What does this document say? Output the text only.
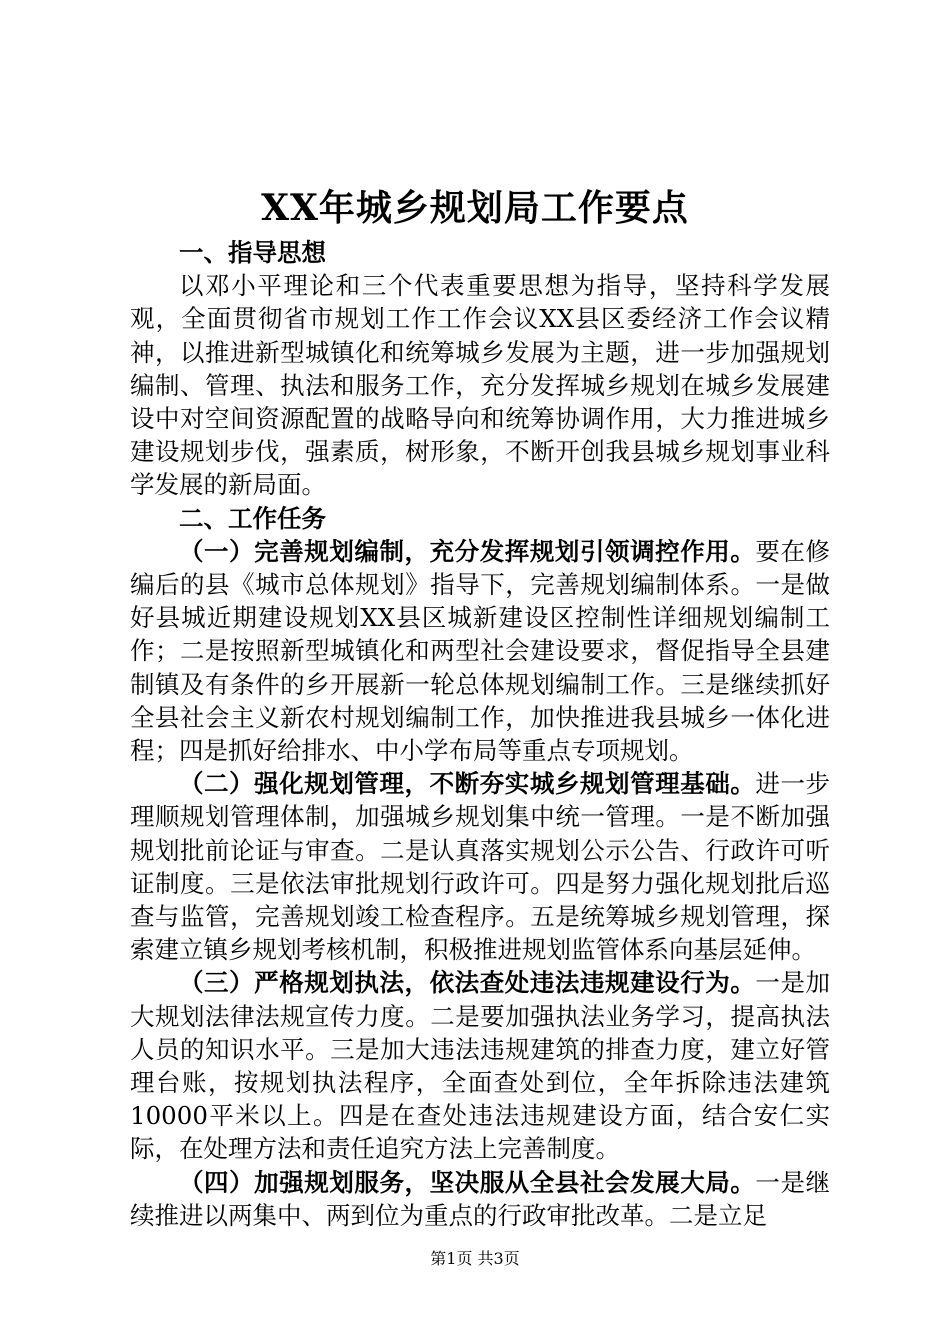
XX年城乡规划局工作要点

一、指导思想

以邓小平理论和三个代表重要思想为指导，坚持科学发展观，全面贯彻省市规划工作工作会议XX县区委经济工作会议精神，以推进新型城镇化和统筹城乡发展为主题，进一步加强规划编制、管理、执法和服务工作，充分发挥城乡规划在城乡发展建设中对空间资源配置的战略导向和统筹协调作用，大力推进城乡建设规划步伐，强素质，树形象，不断开创我县城乡规划事业科学发展的新局面。

二、工作任务

（一）完善规划编制，充分发挥规划引领调控作用。要在修编后的县《城市总体规划》指导下，完善规划编制体系。一是做好县城近期建设规划XX县区城新建设区控制性详细规划编制工作；二是按照新型城镇化和两型社会建设要求，督促指导全县建制镇及有条件的乡开展新一轮总体规划编制工作。三是继续抓好全县社会主义新农村规划编制工作，加快推进我县城乡一体化进程；四是抓好给排水、中小学布局等重点专项规划。

（二）强化规划管理，不断夯实城乡规划管理基础。进一步理顺规划管理体制，加强城乡规划集中统一管理。一是不断加强规划批前论证与审查。二是认真落实规划公示公告、行政许可听证制度。三是依法审批规划行政许可。四是努力强化规划批后巡查与监管，完善规划竣工检查程序。五是统筹城乡规划管理，探索建立镇乡规划考核机制，积极推进规划监管体系向基层延伸。

（三）严格规划执法，依法查处违法违规建设行为。一是加大规划法律法规宣传力度。二是要加强执法业务学习，提高执法人员的知识水平。三是加大违法违规建筑的排查力度，建立好管理台账，按规划执法程序，全面查处到位，全年拆除违法建筑10000平米以上。四是在查处违法违规建设方面，结合安仁实际，在处理方法和责任追究方法上完善制度。

（四）加强规划服务，坚决服从全县社会发展大局。一是继续推进以两集中、两到位为重点的行政审批改革。二是立足

第1页 共3页
